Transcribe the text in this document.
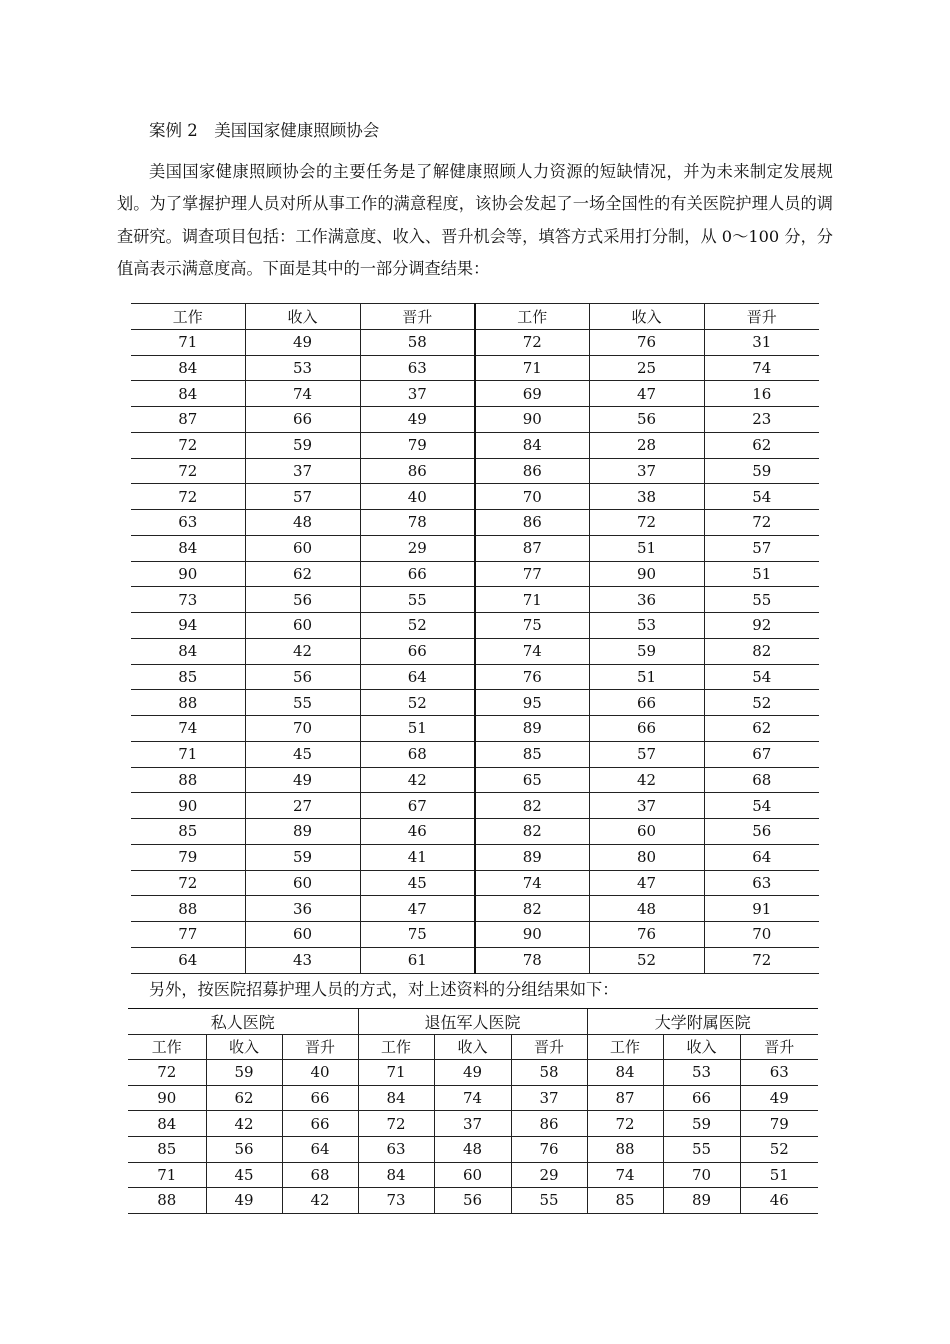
案例 2　美国国家健康照顾协会

美国国家健康照顾协会的主要任务是了解健康照顾人力资源的短缺情况，并为未来制定发展规划。为了掌握护理人员对所从事工作的满意程度，该协会发起了一场全国性的有关医院护理人员的调查研究。调查项目包括：工作满意度、收入、晋升机会等，填答方式采用打分制，从 0～100 分，分值高表示满意度高。下面是其中的一部分调查结果：

工作	收入	晋升	工作	收入	晋升
71	49	58	72	76	31
84	53	63	71	25	74
84	74	37	69	47	16
87	66	49	90	56	23
72	59	79	84	28	62
72	37	86	86	37	59
72	57	40	70	38	54
63	48	78	86	72	72
84	60	29	87	51	57
90	62	66	77	90	51
73	56	55	71	36	55
94	60	52	75	53	92
84	42	66	74	59	82
85	56	64	76	51	54
88	55	52	95	66	52
74	70	51	89	66	62
71	45	68	85	57	67
88	49	42	65	42	68
90	27	67	82	37	54
85	89	46	82	60	56
79	59	41	89	80	64
72	60	45	74	47	63
88	36	47	82	48	91
77	60	75	90	76	70
64	43	61	78	52	72

另外，按医院招募护理人员的方式，对上述资料的分组结果如下：

私人医院			退伍军人医院			大学附属医院		
工作	收入	晋升	工作	收入	晋升	工作	收入	晋升
72	59	40	71	49	58	84	53	63
90	62	66	84	74	37	87	66	49
84	42	66	72	37	86	72	59	79
85	56	64	63	48	76	88	55	52
71	45	68	84	60	29	74	70	51
88	49	42	73	56	55	85	89	46
